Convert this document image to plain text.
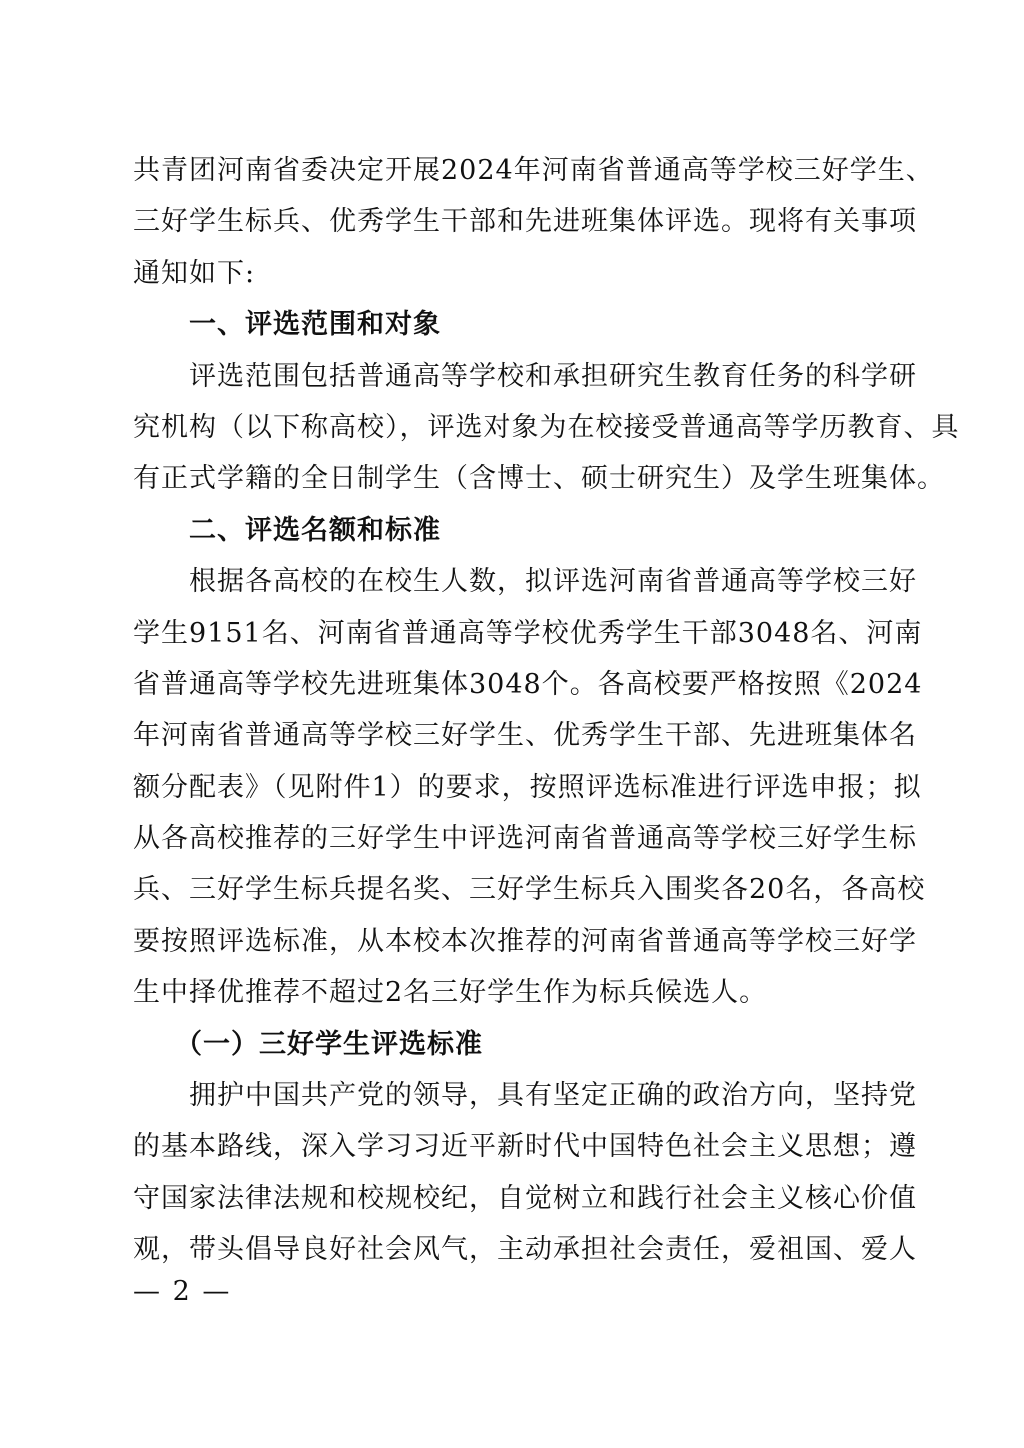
共青团河南省委决定开展2024年河南省普通高等学校三好学生、
三好学生标兵、优秀学生干部和先进班集体评选。现将有关事项
通知如下:
一、评选范围和对象
评选范围包括普通高等学校和承担研究生教育任务的科学研
究机构（以下称高校），评选对象为在校接受普通高等学历教育、具
有正式学籍的全日制学生（含博士、硕士研究生）及学生班集体。
二、评选名额和标准
根据各高校的在校生人数，拟评选河南省普通高等学校三好
学生9151名、河南省普通高等学校优秀学生干部3048名、河南
省普通高等学校先进班集体3048个。各高校要严格按照《2024
年河南省普通高等学校三好学生、优秀学生干部、先进班集体名
额分配表》（见附件1）的要求，按照评选标准进行评选申报；拟
从各高校推荐的三好学生中评选河南省普通高等学校三好学生标
兵、三好学生标兵提名奖、三好学生标兵入围奖各20名，各高校
要按照评选标准，从本校本次推荐的河南省普通高等学校三好学
生中择优推荐不超过2名三好学生作为标兵候选人。
（一）三好学生评选标准
拥护中国共产党的领导，具有坚定正确的政治方向，坚持党
的基本路线，深入学习习近平新时代中国特色社会主义思想；遵
守国家法律法规和校规校纪，自觉树立和践行社会主义核心价值
观，带头倡导良好社会风气，主动承担社会责任，爱祖国、爱人
— 2 —
